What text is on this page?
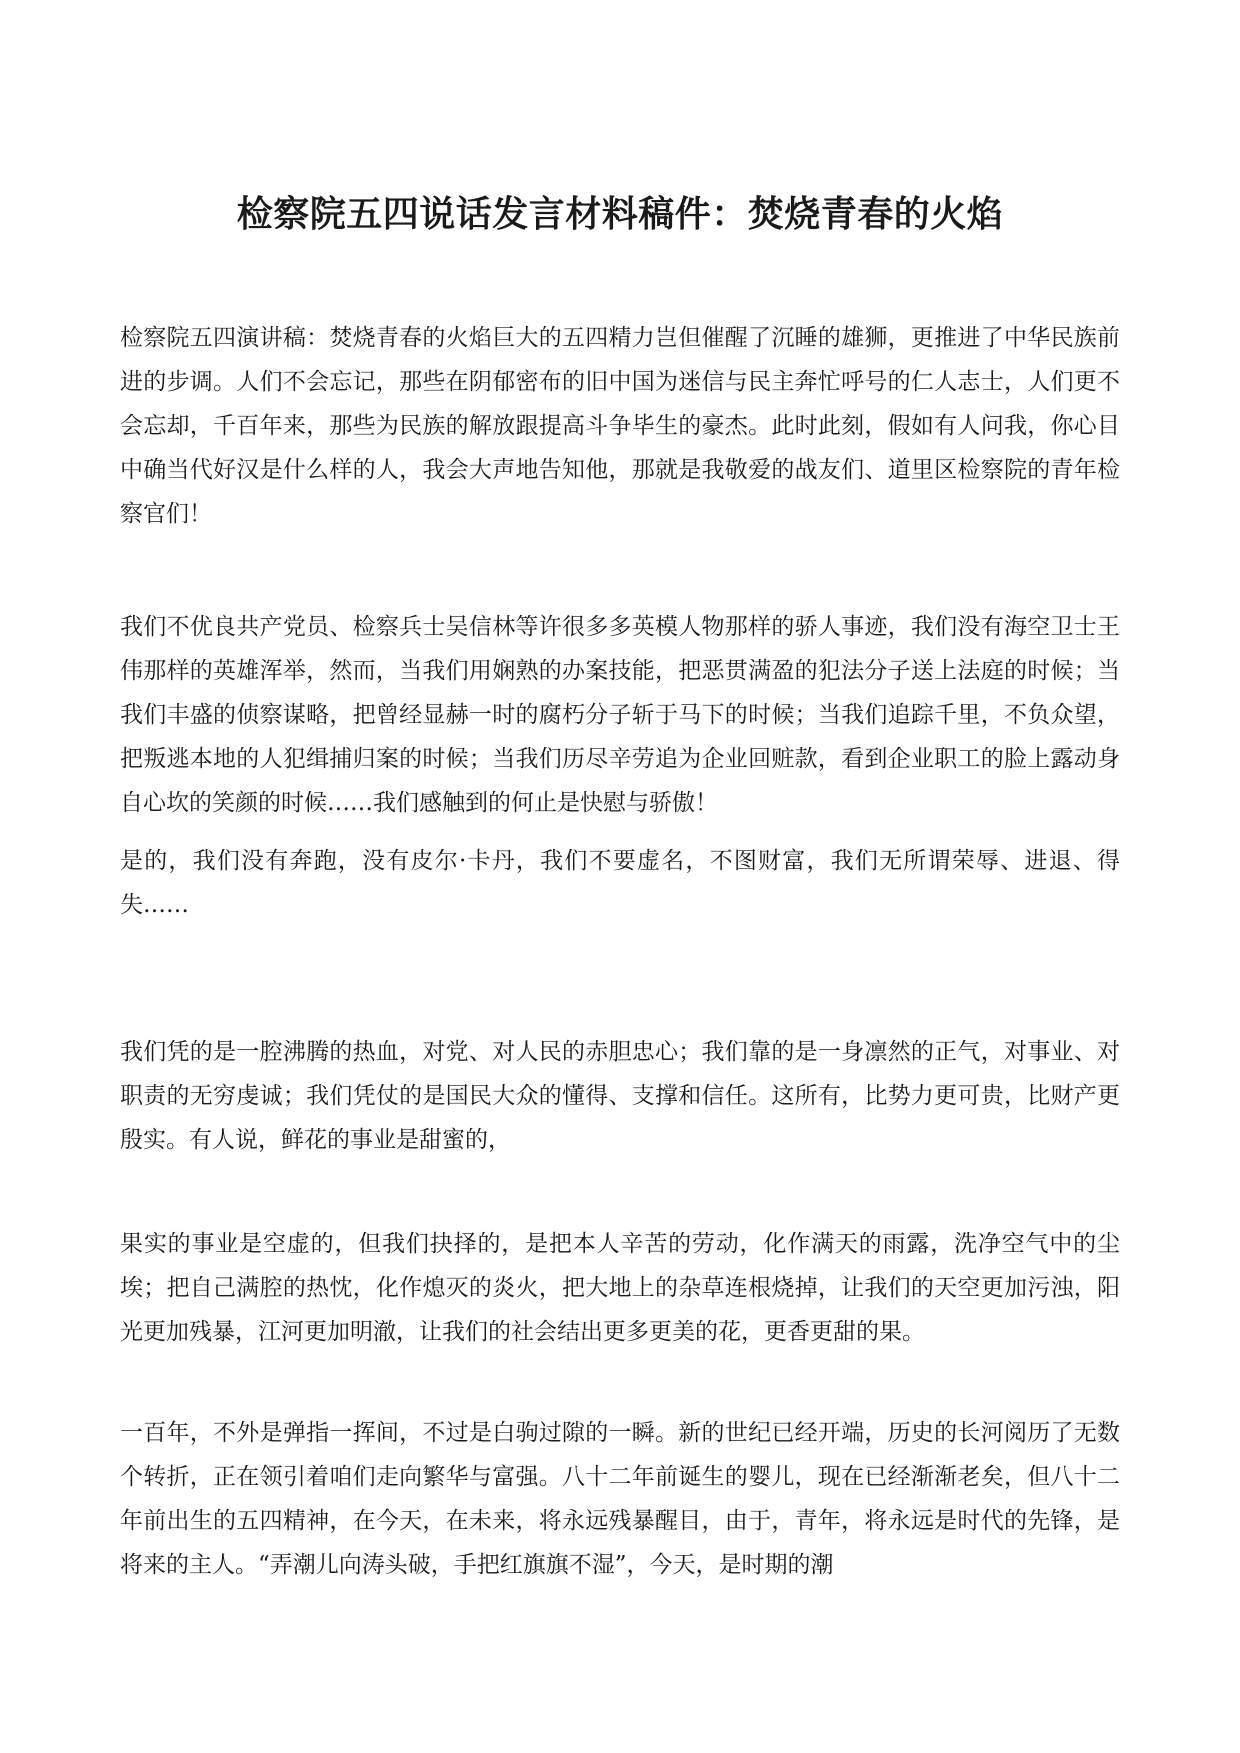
检察院五四说话发言材料稿件：焚烧青春的火焰

检察院五四演讲稿：焚烧青春的火焰巨大的五四精力岂但催醒了沉睡的雄狮，更推进了中华民族前进的步调。人们不会忘记，那些在阴郁密布的旧中国为迷信与民主奔忙呼号的仁人志士，人们更不会忘却，千百年来，那些为民族的解放跟提高斗争毕生的豪杰。此时此刻，假如有人问我，你心目中确当代好汉是什么样的人，我会大声地告知他，那就是我敬爱的战友们、道里区检察院的青年检察官们！

我们不优良共产党员、检察兵士吴信林等许很多多英模人物那样的骄人事迹，我们没有海空卫士王伟那样的英雄浑举，然而，当我们用娴熟的办案技能，把恶贯满盈的犯法分子送上法庭的时候；当我们丰盛的侦察谋略，把曾经显赫一时的腐朽分子斩于马下的时候；当我们追踪千里，不负众望，把叛逃本地的人犯缉捕归案的时候；当我们历尽辛劳追为企业回赃款，看到企业职工的脸上露动身自心坎的笑颜的时候……我们感触到的何止是快慰与骄傲！

是的，我们没有奔跑，没有皮尔·卡丹，我们不要虚名，不图财富，我们无所谓荣辱、进退、得失……

我们凭的是一腔沸腾的热血，对党、对人民的赤胆忠心；我们靠的是一身凛然的正气，对事业、对职责的无穷虔诚；我们凭仗的是国民大众的懂得、支撑和信任。这所有，比势力更可贵，比财产更殷实。有人说，鲜花的事业是甜蜜的，

果实的事业是空虚的，但我们抉择的，是把本人辛苦的劳动，化作满天的雨露，洗净空气中的尘埃；把自己满腔的热忱，化作熄灭的炎火，把大地上的杂草连根烧掉，让我们的天空更加污浊，阳光更加残暴，江河更加明澈，让我们的社会结出更多更美的花，更香更甜的果。

一百年，不外是弹指一挥间，不过是白驹过隙的一瞬。新的世纪已经开端，历史的长河阅历了无数个转折，正在领引着咱们走向繁华与富强。八十二年前诞生的婴儿，现在已经渐渐老矣，但八十二年前出生的五四精神，在今天，在未来，将永远残暴醒目，由于，青年，将永远是时代的先锋，是将来的主人。“弄潮儿向涛头破，手把红旗旗不湿”，今天，是时期的潮
